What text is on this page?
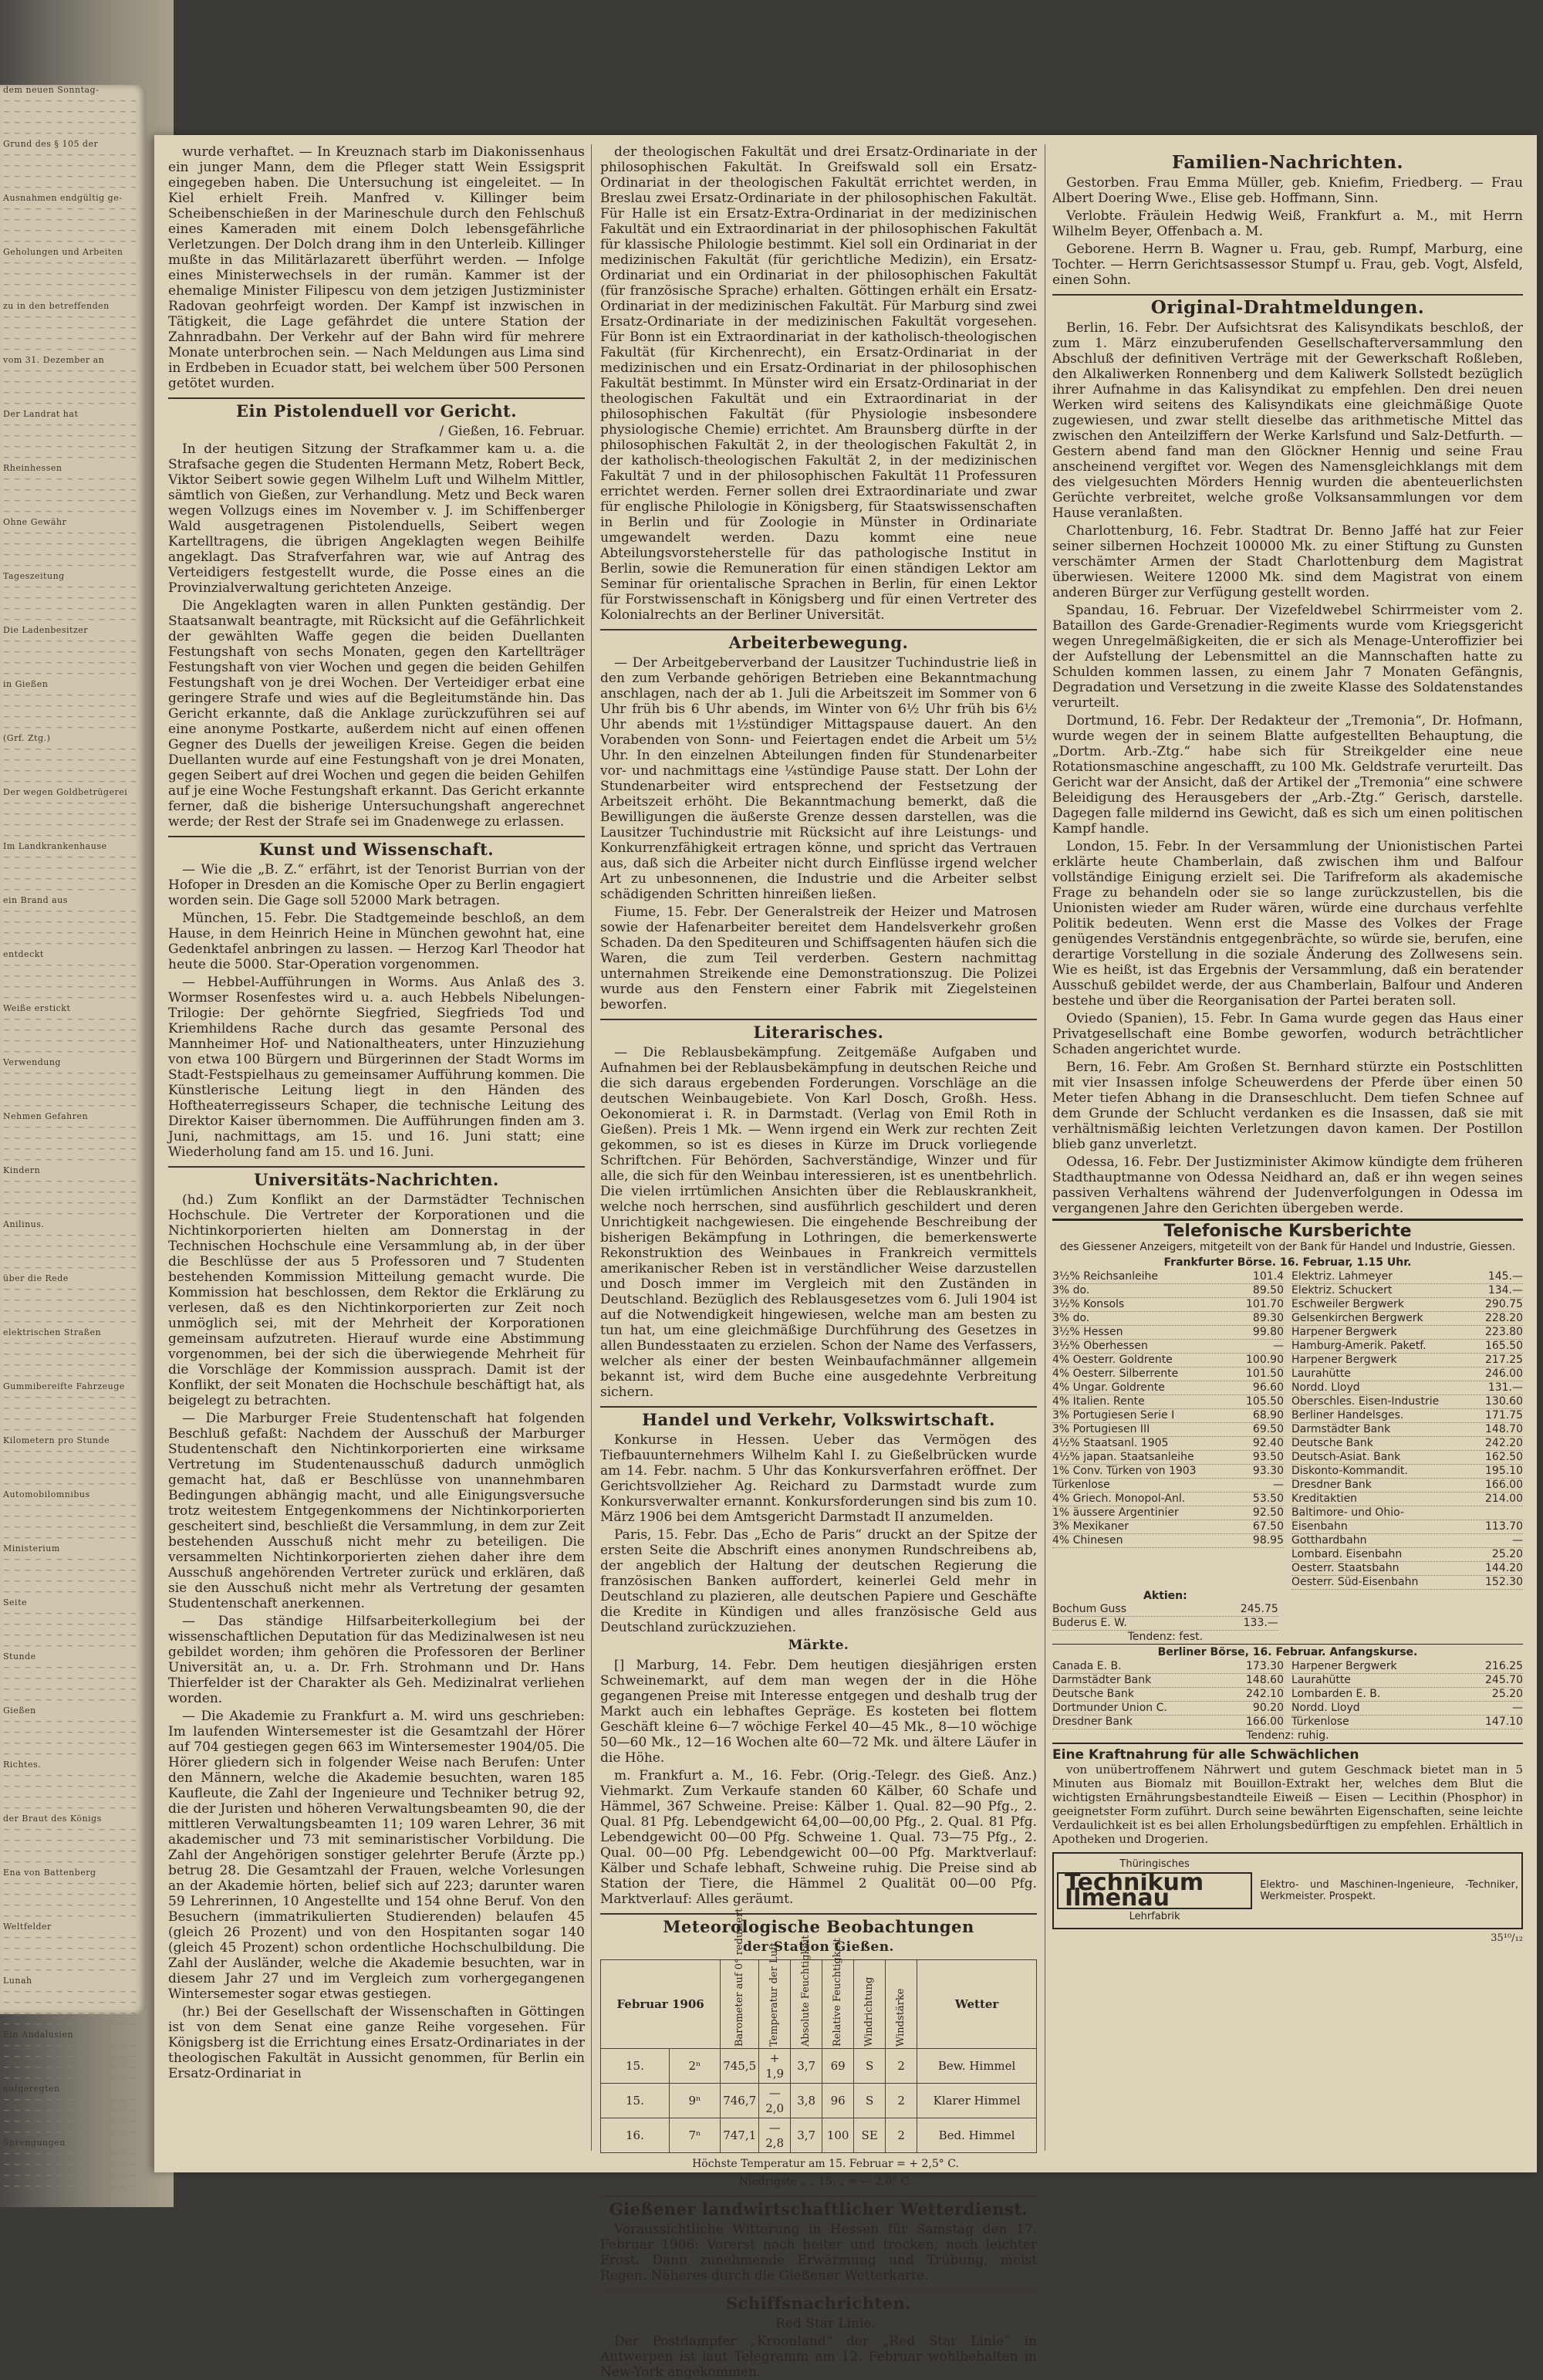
dem neuen Sonntag-
~ ~ ~ ~ ~ ~ ~ ~ ~ ~ ~ ~ ~
~ ~ ~ ~ ~ ~ ~ ~ ~ ~ ~ ~ ~
~ ~ ~ ~ ~ ~ ~ ~ ~ ~ ~ ~ ~
~ ~ ~ ~ ~ ~ ~ ~ ~ ~ ~ ~ ~
Grund des § 105 der
~ ~ ~ ~ ~ ~ ~ ~ ~ ~ ~ ~ ~
~ ~ ~ ~ ~ ~ ~ ~ ~ ~ ~ ~ ~
~ ~ ~ ~ ~ ~ ~ ~ ~ ~ ~ ~ ~
~ ~ ~ ~ ~ ~ ~ ~ ~ ~ ~ ~ ~
Ausnahmen endgültig ge-
~ ~ ~ ~ ~ ~ ~ ~ ~ ~ ~ ~ ~
~ ~ ~ ~ ~ ~ ~ ~ ~ ~ ~ ~ ~
~ ~ ~ ~ ~ ~ ~ ~ ~ ~ ~ ~ ~
~ ~ ~ ~ ~ ~ ~ ~ ~ ~ ~ ~ ~
Geholungen und Arbeiten
~ ~ ~ ~ ~ ~ ~ ~ ~ ~ ~ ~ ~
~ ~ ~ ~ ~ ~ ~ ~ ~ ~ ~ ~ ~
~ ~ ~ ~ ~ ~ ~ ~ ~ ~ ~ ~ ~
~ ~ ~ ~ ~ ~ ~ ~ ~ ~ ~ ~ ~
zu in den betreffenden
~ ~ ~ ~ ~ ~ ~ ~ ~ ~ ~ ~ ~
~ ~ ~ ~ ~ ~ ~ ~ ~ ~ ~ ~ ~
~ ~ ~ ~ ~ ~ ~ ~ ~ ~ ~ ~ ~
~ ~ ~ ~ ~ ~ ~ ~ ~ ~ ~ ~ ~
vom 31. Dezember an
~ ~ ~ ~ ~ ~ ~ ~ ~ ~ ~ ~ ~
~ ~ ~ ~ ~ ~ ~ ~ ~ ~ ~ ~ ~
~ ~ ~ ~ ~ ~ ~ ~ ~ ~ ~ ~ ~
~ ~ ~ ~ ~ ~ ~ ~ ~ ~ ~ ~ ~
Der Landrat hat
~ ~ ~ ~ ~ ~ ~ ~ ~ ~ ~ ~ ~
~ ~ ~ ~ ~ ~ ~ ~ ~ ~ ~ ~ ~
~ ~ ~ ~ ~ ~ ~ ~ ~ ~ ~ ~ ~
~ ~ ~ ~ ~ ~ ~ ~ ~ ~ ~ ~ ~
Rheinhessen
~ ~ ~ ~ ~ ~ ~ ~ ~ ~ ~ ~ ~
~ ~ ~ ~ ~ ~ ~ ~ ~ ~ ~ ~ ~
~ ~ ~ ~ ~ ~ ~ ~ ~ ~ ~ ~ ~
~ ~ ~ ~ ~ ~ ~ ~ ~ ~ ~ ~ ~
Ohne Gewähr
~ ~ ~ ~ ~ ~ ~ ~ ~ ~ ~ ~ ~
~ ~ ~ ~ ~ ~ ~ ~ ~ ~ ~ ~ ~
~ ~ ~ ~ ~ ~ ~ ~ ~ ~ ~ ~ ~
~ ~ ~ ~ ~ ~ ~ ~ ~ ~ ~ ~ ~
Tageszeitung
~ ~ ~ ~ ~ ~ ~ ~ ~ ~ ~ ~ ~
~ ~ ~ ~ ~ ~ ~ ~ ~ ~ ~ ~ ~
~ ~ ~ ~ ~ ~ ~ ~ ~ ~ ~ ~ ~
~ ~ ~ ~ ~ ~ ~ ~ ~ ~ ~ ~ ~
Die Ladenbesitzer
~ ~ ~ ~ ~ ~ ~ ~ ~ ~ ~ ~ ~
~ ~ ~ ~ ~ ~ ~ ~ ~ ~ ~ ~ ~
~ ~ ~ ~ ~ ~ ~ ~ ~ ~ ~ ~ ~
~ ~ ~ ~ ~ ~ ~ ~ ~ ~ ~ ~ ~
in Gießen
~ ~ ~ ~ ~ ~ ~ ~ ~ ~ ~ ~ ~
~ ~ ~ ~ ~ ~ ~ ~ ~ ~ ~ ~ ~
~ ~ ~ ~ ~ ~ ~ ~ ~ ~ ~ ~ ~
~ ~ ~ ~ ~ ~ ~ ~ ~ ~ ~ ~ ~
(Grf. Ztg.)
~ ~ ~ ~ ~ ~ ~ ~ ~ ~ ~ ~ ~
~ ~ ~ ~ ~ ~ ~ ~ ~ ~ ~ ~ ~
~ ~ ~ ~ ~ ~ ~ ~ ~ ~ ~ ~ ~
~ ~ ~ ~ ~ ~ ~ ~ ~ ~ ~ ~ ~
Der wegen Goldbetrügerei
~ ~ ~ ~ ~ ~ ~ ~ ~ ~ ~ ~ ~
~ ~ ~ ~ ~ ~ ~ ~ ~ ~ ~ ~ ~
~ ~ ~ ~ ~ ~ ~ ~ ~ ~ ~ ~ ~
~ ~ ~ ~ ~ ~ ~ ~ ~ ~ ~ ~ ~
Im Landkrankenhause
~ ~ ~ ~ ~ ~ ~ ~ ~ ~ ~ ~ ~
~ ~ ~ ~ ~ ~ ~ ~ ~ ~ ~ ~ ~
~ ~ ~ ~ ~ ~ ~ ~ ~ ~ ~ ~ ~
~ ~ ~ ~ ~ ~ ~ ~ ~ ~ ~ ~ ~
ein Brand aus
~ ~ ~ ~ ~ ~ ~ ~ ~ ~ ~ ~ ~
~ ~ ~ ~ ~ ~ ~ ~ ~ ~ ~ ~ ~
~ ~ ~ ~ ~ ~ ~ ~ ~ ~ ~ ~ ~
~ ~ ~ ~ ~ ~ ~ ~ ~ ~ ~ ~ ~
entdeckt
~ ~ ~ ~ ~ ~ ~ ~ ~ ~ ~ ~ ~
~ ~ ~ ~ ~ ~ ~ ~ ~ ~ ~ ~ ~
~ ~ ~ ~ ~ ~ ~ ~ ~ ~ ~ ~ ~
~ ~ ~ ~ ~ ~ ~ ~ ~ ~ ~ ~ ~
Weiße erstickt
~ ~ ~ ~ ~ ~ ~ ~ ~ ~ ~ ~ ~
~ ~ ~ ~ ~ ~ ~ ~ ~ ~ ~ ~ ~
~ ~ ~ ~ ~ ~ ~ ~ ~ ~ ~ ~ ~
~ ~ ~ ~ ~ ~ ~ ~ ~ ~ ~ ~ ~
Verwendung
~ ~ ~ ~ ~ ~ ~ ~ ~ ~ ~ ~ ~
~ ~ ~ ~ ~ ~ ~ ~ ~ ~ ~ ~ ~
~ ~ ~ ~ ~ ~ ~ ~ ~ ~ ~ ~ ~
~ ~ ~ ~ ~ ~ ~ ~ ~ ~ ~ ~ ~
Nehmen Gefahren
~ ~ ~ ~ ~ ~ ~ ~ ~ ~ ~ ~ ~
~ ~ ~ ~ ~ ~ ~ ~ ~ ~ ~ ~ ~
~ ~ ~ ~ ~ ~ ~ ~ ~ ~ ~ ~ ~
~ ~ ~ ~ ~ ~ ~ ~ ~ ~ ~ ~ ~
Kindern
~ ~ ~ ~ ~ ~ ~ ~ ~ ~ ~ ~ ~
~ ~ ~ ~ ~ ~ ~ ~ ~ ~ ~ ~ ~
~ ~ ~ ~ ~ ~ ~ ~ ~ ~ ~ ~ ~
~ ~ ~ ~ ~ ~ ~ ~ ~ ~ ~ ~ ~
Anilinus.
~ ~ ~ ~ ~ ~ ~ ~ ~ ~ ~ ~ ~
~ ~ ~ ~ ~ ~ ~ ~ ~ ~ ~ ~ ~
~ ~ ~ ~ ~ ~ ~ ~ ~ ~ ~ ~ ~
~ ~ ~ ~ ~ ~ ~ ~ ~ ~ ~ ~ ~
über die Rede
~ ~ ~ ~ ~ ~ ~ ~ ~ ~ ~ ~ ~
~ ~ ~ ~ ~ ~ ~ ~ ~ ~ ~ ~ ~
~ ~ ~ ~ ~ ~ ~ ~ ~ ~ ~ ~ ~
~ ~ ~ ~ ~ ~ ~ ~ ~ ~ ~ ~ ~
elektrischen Straßen
~ ~ ~ ~ ~ ~ ~ ~ ~ ~ ~ ~ ~
~ ~ ~ ~ ~ ~ ~ ~ ~ ~ ~ ~ ~
~ ~ ~ ~ ~ ~ ~ ~ ~ ~ ~ ~ ~
~ ~ ~ ~ ~ ~ ~ ~ ~ ~ ~ ~ ~
Gummibereifte Fahrzeuge
~ ~ ~ ~ ~ ~ ~ ~ ~ ~ ~ ~ ~
~ ~ ~ ~ ~ ~ ~ ~ ~ ~ ~ ~ ~
~ ~ ~ ~ ~ ~ ~ ~ ~ ~ ~ ~ ~
~ ~ ~ ~ ~ ~ ~ ~ ~ ~ ~ ~ ~
Kilometern pro Stunde
~ ~ ~ ~ ~ ~ ~ ~ ~ ~ ~ ~ ~
~ ~ ~ ~ ~ ~ ~ ~ ~ ~ ~ ~ ~
~ ~ ~ ~ ~ ~ ~ ~ ~ ~ ~ ~ ~
~ ~ ~ ~ ~ ~ ~ ~ ~ ~ ~ ~ ~
Automobilomnibus
~ ~ ~ ~ ~ ~ ~ ~ ~ ~ ~ ~ ~
~ ~ ~ ~ ~ ~ ~ ~ ~ ~ ~ ~ ~
~ ~ ~ ~ ~ ~ ~ ~ ~ ~ ~ ~ ~
~ ~ ~ ~ ~ ~ ~ ~ ~ ~ ~ ~ ~
Ministerium
~ ~ ~ ~ ~ ~ ~ ~ ~ ~ ~ ~ ~
~ ~ ~ ~ ~ ~ ~ ~ ~ ~ ~ ~ ~
~ ~ ~ ~ ~ ~ ~ ~ ~ ~ ~ ~ ~
~ ~ ~ ~ ~ ~ ~ ~ ~ ~ ~ ~ ~
Seite
~ ~ ~ ~ ~ ~ ~ ~ ~ ~ ~ ~ ~
~ ~ ~ ~ ~ ~ ~ ~ ~ ~ ~ ~ ~
~ ~ ~ ~ ~ ~ ~ ~ ~ ~ ~ ~ ~
~ ~ ~ ~ ~ ~ ~ ~ ~ ~ ~ ~ ~
Stunde
~ ~ ~ ~ ~ ~ ~ ~ ~ ~ ~ ~ ~
~ ~ ~ ~ ~ ~ ~ ~ ~ ~ ~ ~ ~
~ ~ ~ ~ ~ ~ ~ ~ ~ ~ ~ ~ ~
~ ~ ~ ~ ~ ~ ~ ~ ~ ~ ~ ~ ~
Gießen
~ ~ ~ ~ ~ ~ ~ ~ ~ ~ ~ ~ ~
~ ~ ~ ~ ~ ~ ~ ~ ~ ~ ~ ~ ~
~ ~ ~ ~ ~ ~ ~ ~ ~ ~ ~ ~ ~
~ ~ ~ ~ ~ ~ ~ ~ ~ ~ ~ ~ ~
Richtes.
~ ~ ~ ~ ~ ~ ~ ~ ~ ~ ~ ~ ~
~ ~ ~ ~ ~ ~ ~ ~ ~ ~ ~ ~ ~
~ ~ ~ ~ ~ ~ ~ ~ ~ ~ ~ ~ ~
~ ~ ~ ~ ~ ~ ~ ~ ~ ~ ~ ~ ~
der Braut des Königs
~ ~ ~ ~ ~ ~ ~ ~ ~ ~ ~ ~ ~
~ ~ ~ ~ ~ ~ ~ ~ ~ ~ ~ ~ ~
~ ~ ~ ~ ~ ~ ~ ~ ~ ~ ~ ~ ~
~ ~ ~ ~ ~ ~ ~ ~ ~ ~ ~ ~ ~
Ena von Battenberg
~ ~ ~ ~ ~ ~ ~ ~ ~ ~ ~ ~ ~
~ ~ ~ ~ ~ ~ ~ ~ ~ ~ ~ ~ ~
~ ~ ~ ~ ~ ~ ~ ~ ~ ~ ~ ~ ~
~ ~ ~ ~ ~ ~ ~ ~ ~ ~ ~ ~ ~
Weltfelder
~ ~ ~ ~ ~ ~ ~ ~ ~ ~ ~ ~ ~
~ ~ ~ ~ ~ ~ ~ ~ ~ ~ ~ ~ ~
~ ~ ~ ~ ~ ~ ~ ~ ~ ~ ~ ~ ~
~ ~ ~ ~ ~ ~ ~ ~ ~ ~ ~ ~ ~
Lunah
~ ~ ~ ~ ~ ~ ~ ~ ~ ~ ~ ~ ~
~ ~ ~ ~ ~ ~ ~ ~ ~ ~ ~ ~ ~
~ ~ ~ ~ ~ ~ ~ ~ ~ ~ ~ ~ ~
~ ~ ~ ~ ~ ~ ~ ~ ~ ~ ~ ~ ~
Ein Andalusien
~ ~ ~ ~ ~ ~ ~ ~ ~ ~ ~ ~ ~
~ ~ ~ ~ ~ ~ ~ ~ ~ ~ ~ ~ ~
~ ~ ~ ~ ~ ~ ~ ~ ~ ~ ~ ~ ~
~ ~ ~ ~ ~ ~ ~ ~ ~ ~ ~ ~ ~
aufgeregten
~ ~ ~ ~ ~ ~ ~ ~ ~ ~ ~ ~ ~
~ ~ ~ ~ ~ ~ ~ ~ ~ ~ ~ ~ ~
~ ~ ~ ~ ~ ~ ~ ~ ~ ~ ~ ~ ~
~ ~ ~ ~ ~ ~ ~ ~ ~ ~ ~ ~ ~
Sprengungen
~ ~ ~ ~ ~ ~ ~ ~ ~ ~ ~ ~ ~
~ ~ ~ ~ ~ ~ ~ ~ ~ ~ ~ ~ ~
~ ~ ~ ~ ~ ~ ~ ~ ~ ~ ~ ~ ~
~ ~ ~ ~ ~ ~ ~ ~ ~ ~ ~ ~ ~

wurde verhaftet. — In Kreuznach starb im Diakonissenhaus ein junger Mann, dem die Pfleger statt Wein Essigsprit eingegeben haben. Die Untersuchung ist eingeleitet. — In Kiel erhielt Freih. Manfred v. Killinger beim Scheibenschießen in der Marineschule durch den Fehlschuß eines Kameraden mit einem Dolch lebensgefährliche Verletzungen. Der Dolch drang ihm in den Unterleib. Killinger mußte in das Militärlazarett überführt werden. — Infolge eines Ministerwechsels in der rumän. Kammer ist der ehemalige Minister Filipescu von dem jetzigen Justizminister Radovan geohrfeigt worden. Der Kampf ist inzwischen in Tätigkeit, die Lage gefährdet die untere Station der Zahnradbahn. Der Verkehr auf der Bahn wird für mehrere Monate unterbrochen sein. — Nach Meldungen aus Lima sind in Erdbeben in Ecuador statt, bei welchem über 500 Personen getötet wurden.

Ein Pistolenduell vor Gericht.

/ Gießen, 16. Februar.

In der heutigen Sitzung der Strafkammer kam u. a. die Strafsache gegen die Studenten Hermann Metz, Robert Beck, Viktor Seibert sowie gegen Wilhelm Luft und Wilhelm Mittler, sämtlich von Gießen, zur Verhandlung. Metz und Beck waren wegen Vollzugs eines im November v. J. im Schiffenberger Wald ausgetragenen Pistolenduells, Seibert wegen Kartelltragens, die übrigen Angeklagten wegen Beihilfe angeklagt. Das Strafverfahren war, wie auf Antrag des Verteidigers festgestellt wurde, die Posse eines an die Provinzialverwaltung gerichteten Anzeige.

Die Angeklagten waren in allen Punkten geständig. Der Staatsanwalt beantragte, mit Rücksicht auf die Gefährlichkeit der gewählten Waffe gegen die beiden Duellanten Festungshaft von sechs Monaten, gegen den Kartellträger Festungshaft von vier Wochen und gegen die beiden Gehilfen Festungshaft von je drei Wochen. Der Verteidiger erbat eine geringere Strafe und wies auf die Begleitumstände hin. Das Gericht erkannte, daß die Anklage zurückzuführen sei auf eine anonyme Postkarte, außerdem nicht auf einen offenen Gegner des Duells der jeweiligen Kreise. Gegen die beiden Duellanten wurde auf eine Festungshaft von je drei Monaten, gegen Seibert auf drei Wochen und gegen die beiden Gehilfen auf je eine Woche Festungshaft erkannt. Das Gericht erkannte ferner, daß die bisherige Untersuchungshaft angerechnet werde; der Rest der Strafe sei im Gnadenwege zu erlassen.

Kunst und Wissenschaft.

— Wie die „B. Z.“ erfährt, ist der Tenorist Burrian von der Hofoper in Dresden an die Komische Oper zu Berlin engagiert worden sein. Die Gage soll 52000 Mark betragen.

München, 15. Febr. Die Stadtgemeinde beschloß, an dem Hause, in dem Heinrich Heine in München gewohnt hat, eine Gedenktafel anbringen zu lassen. — Herzog Karl Theodor hat heute die 5000. Star-Operation vorgenommen.

— Hebbel-Aufführungen in Worms. Aus Anlaß des 3. Wormser Rosenfestes wird u. a. auch Hebbels Nibelungen-Trilogie: Der gehörnte Siegfried, Siegfrieds Tod und Kriemhildens Rache durch das gesamte Personal des Mannheimer Hof- und Nationaltheaters, unter Hinzuziehung von etwa 100 Bürgern und Bürgerinnen der Stadt Worms im Stadt-Festspielhaus zu gemeinsamer Aufführung kommen. Die Künstlerische Leitung liegt in den Händen des Hoftheaterregisseurs Schaper, die technische Leitung des Direktor Kaiser übernommen. Die Aufführungen finden am 3. Juni, nachmittags, am 15. und 16. Juni statt; eine Wiederholung fand am 15. und 16. Juni.

Universitäts-Nachrichten.

(hd.) Zum Konflikt an der Darmstädter Technischen Hochschule. Die Vertreter der Korporationen und die Nichtinkorporierten hielten am Donnerstag in der Technischen Hochschule eine Versammlung ab, in der über die Beschlüsse der aus 5 Professoren und 7 Studenten bestehenden Kommission Mitteilung gemacht wurde. Die Kommission hat beschlossen, dem Rektor die Erklärung zu verlesen, daß es den Nichtinkorporierten zur Zeit noch unmöglich sei, mit der Mehrheit der Korporationen gemeinsam aufzutreten. Hierauf wurde eine Abstimmung vorgenommen, bei der sich die überwiegende Mehrheit für die Vorschläge der Kommission aussprach. Damit ist der Konflikt, der seit Monaten die Hochschule beschäftigt hat, als beigelegt zu betrachten.

— Die Marburger Freie Studentenschaft hat folgenden Beschluß gefaßt: Nachdem der Ausschuß der Marburger Studentenschaft den Nichtinkorporierten eine wirksame Vertretung im Studentenausschuß dadurch unmöglich gemacht hat, daß er Beschlüsse von unannehmbaren Bedingungen abhängig macht, und alle Einigungsversuche trotz weitestem Entgegenkommens der Nichtinkorporierten gescheitert sind, beschließt die Versammlung, in dem zur Zeit bestehenden Ausschuß nicht mehr zu beteiligen. Die versammelten Nichtinkorporierten ziehen daher ihre dem Ausschuß angehörenden Vertreter zurück und erklären, daß sie den Ausschuß nicht mehr als Vertretung der gesamten Studentenschaft anerkennen.

— Das ständige Hilfsarbeiterkollegium bei der wissenschaftlichen Deputation für das Medizinalwesen ist neu gebildet worden; ihm gehören die Professoren der Berliner Universität an, u. a. Dr. Frh. Strohmann und Dr. Hans Thierfelder ist der Charakter als Geh. Medizinalrat verliehen worden.

— Die Akademie zu Frankfurt a. M. wird uns geschrieben: Im laufenden Wintersemester ist die Gesamtzahl der Hörer auf 704 gestiegen gegen 663 im Wintersemester 1904/05. Die Hörer gliedern sich in folgender Weise nach Berufen: Unter den Männern, welche die Akademie besuchten, waren 185 Kaufleute, die Zahl der Ingenieure und Techniker betrug 92, die der Juristen und höheren Verwaltungsbeamten 90, die der mittleren Verwaltungsbeamten 11; 109 waren Lehrer, 36 mit akademischer und 73 mit seminaristischer Vorbildung. Die Zahl der Angehörigen sonstiger gelehrter Berufe (Ärzte pp.) betrug 28. Die Gesamtzahl der Frauen, welche Vorlesungen an der Akademie hörten, belief sich auf 223; darunter waren 59 Lehrerinnen, 10 Angestellte und 154 ohne Beruf. Von den Besuchern (immatrikulierten Studierenden) belaufen 45 (gleich 26 Prozent) und von den Hospitanten sogar 140 (gleich 45 Prozent) schon ordentliche Hochschulbildung. Die Zahl der Ausländer, welche die Akademie besuchten, war in diesem Jahr 27 und im Vergleich zum vorhergegangenen Wintersemester sogar etwas gestiegen.

(hr.) Bei der Gesellschaft der Wissenschaften in Göttingen ist von dem Senat eine ganze Reihe vorgesehen. Für Königsberg ist die Errichtung eines Ersatz-Ordinariates in der theologischen Fakultät in Aussicht genommen, für Berlin ein Ersatz-Ordinariat in

der theologischen Fakultät und drei Ersatz-Ordinariate in der philosophischen Fakultät. In Greifswald soll ein Ersatz-Ordinariat in der theologischen Fakultät errichtet werden, in Breslau zwei Ersatz-Ordinariate in der philosophischen Fakultät. Für Halle ist ein Ersatz-Extra-Ordinariat in der medizinischen Fakultät und ein Extraordinariat in der philosophischen Fakultät für klassische Philologie bestimmt. Kiel soll ein Ordinariat in der medizinischen Fakultät (für gerichtliche Medizin), ein Ersatz-Ordinariat und ein Ordinariat in der philosophischen Fakultät (für französische Sprache) erhalten. Göttingen erhält ein Ersatz-Ordinariat in der medizinischen Fakultät. Für Marburg sind zwei Ersatz-Ordinariate in der medizinischen Fakultät vorgesehen. Für Bonn ist ein Extraordinariat in der katholisch-theologischen Fakultät (für Kirchenrecht), ein Ersatz-Ordinariat in der medizinischen und ein Ersatz-Ordinariat in der philosophischen Fakultät bestimmt. In Münster wird ein Ersatz-Ordinariat in der theologischen Fakultät und ein Extraordinariat in der philosophischen Fakultät (für Physiologie insbesondere physiologische Chemie) errichtet. Am Braunsberg dürfte in der philosophischen Fakultät 2, in der theologischen Fakultät 2, in der katholisch-theologischen Fakultät 2, in der medizinischen Fakultät 7 und in der philosophischen Fakultät 11 Professuren errichtet werden. Ferner sollen drei Extraordinariate und zwar für englische Philologie in Königsberg, für Staatswissenschaften in Berlin und für Zoologie in Münster in Ordinariate umgewandelt werden. Dazu kommt eine neue Abteilungsvorsteherstelle für das pathologische Institut in Berlin, sowie die Remuneration für einen ständigen Lektor am Seminar für orientalische Sprachen in Berlin, für einen Lektor für Forstwissenschaft in Königsberg und für einen Vertreter des Kolonialrechts an der Berliner Universität.

Arbeiterbewegung.

— Der Arbeitgeberverband der Lausitzer Tuchindustrie ließ in den zum Verbande gehörigen Betrieben eine Bekanntmachung anschlagen, nach der ab 1. Juli die Arbeitszeit im Sommer von 6 Uhr früh bis 6 Uhr abends, im Winter von 6½ Uhr früh bis 6½ Uhr abends mit 1½stündiger Mittagspause dauert. An den Vorabenden von Sonn- und Feiertagen endet die Arbeit um 5½ Uhr. In den einzelnen Abteilungen finden für Stundenarbeiter vor- und nachmittags eine ¼stündige Pause statt. Der Lohn der Stundenarbeiter wird entsprechend der Festsetzung der Arbeitszeit erhöht. Die Bekanntmachung bemerkt, daß die Bewilligungen die äußerste Grenze dessen darstellen, was die Lausitzer Tuchindustrie mit Rücksicht auf ihre Leistungs- und Konkurrenzfähigkeit ertragen könne, und spricht das Vertrauen aus, daß sich die Arbeiter nicht durch Einflüsse irgend welcher Art zu unbesonnenen, die Industrie und die Arbeiter selbst schädigenden Schritten hinreißen ließen.

Fiume, 15. Febr. Der Generalstreik der Heizer und Matrosen sowie der Hafenarbeiter bereitet dem Handelsverkehr großen Schaden. Da den Spediteuren und Schiffsagenten häufen sich die Waren, die zum Teil verderben. Gestern nachmittag unternahmen Streikende eine Demonstrationszug. Die Polizei wurde aus den Fenstern einer Fabrik mit Ziegelsteinen beworfen.

Literarisches.

— Die Reblausbekämpfung. Zeitgemäße Aufgaben und Aufnahmen bei der Reblausbekämpfung in deutschen Reiche und die sich daraus ergebenden Forderungen. Vorschläge an die deutschen Weinbaugebiete. Von Karl Dosch, Großh. Hess. Oekonomierat i. R. in Darmstadt. (Verlag von Emil Roth in Gießen). Preis 1 Mk. — Wenn irgend ein Werk zur rechten Zeit gekommen, so ist es dieses in Kürze im Druck vorliegende Schriftchen. Für Behörden, Sachverständige, Winzer und für alle, die sich für den Weinbau interessieren, ist es unentbehrlich. Die vielen irrtümlichen Ansichten über die Reblauskrankheit, welche noch herrschen, sind ausführlich geschildert und deren Unrichtigkeit nachgewiesen. Die eingehende Beschreibung der bisherigen Bekämpfung in Lothringen, die bemerkenswerte Rekonstruktion des Weinbaues in Frankreich vermittels amerikanischer Reben ist in verständlicher Weise darzustellen und Dosch immer im Vergleich mit den Zuständen in Deutschland. Bezüglich des Reblausgesetzes vom 6. Juli 1904 ist auf die Notwendigkeit hingewiesen, welche man am besten zu tun hat, um eine gleichmäßige Durchführung des Gesetzes in allen Bundesstaaten zu erzielen. Schon der Name des Verfassers, welcher als einer der besten Weinbaufachmänner allgemein bekannt ist, wird dem Buche eine ausgedehnte Verbreitung sichern.

Handel und Verkehr, Volkswirtschaft.

Konkurse in Hessen. Ueber das Vermögen des Tiefbauunternehmers Wilhelm Kahl I. zu Gießelbrücken wurde am 14. Febr. nachm. 5 Uhr das Konkursverfahren eröffnet. Der Gerichtsvollzieher Ag. Reichard zu Darmstadt wurde zum Konkursverwalter ernannt. Konkursforderungen sind bis zum 10. März 1906 bei dem Amtsgericht Darmstadt II anzumelden.

Paris, 15. Febr. Das „Echo de Paris“ druckt an der Spitze der ersten Seite die Abschrift eines anonymen Rundschreibens ab, der angeblich der Haltung der deutschen Regierung die französischen Banken auffordert, keinerlei Geld mehr in Deutschland zu plazieren, alle deutschen Papiere und Geschäfte die Kredite in Kündigen und alles französische Geld aus Deutschland zurückzuziehen.

Märkte.

[] Marburg, 14. Febr. Dem heutigen diesjährigen ersten Schweinemarkt, auf dem man wegen der in die Höhe gegangenen Preise mit Interesse entgegen und deshalb trug der Markt auch ein lebhaftes Gepräge. Es kosteten bei flottem Geschäft kleine 6—7 wöchige Ferkel 40—45 Mk., 8—10 wöchige 50—60 Mk., 12—16 Wochen alte 60—72 Mk. und ältere Läufer in die Höhe.

m. Frankfurt a. M., 16. Febr. (Orig.-Telegr. des Gieß. Anz.) Viehmarkt. Zum Verkaufe standen 60 Kälber, 60 Schafe und Hämmel, 367 Schweine. Preise: Kälber 1. Qual. 82—90 Pfg., 2. Qual. 81 Pfg. Lebendgewicht 64,00—00,00 Pfg., 2. Qual. 81 Pfg. Lebendgewicht 00—00 Pfg. Schweine 1. Qual. 73—75 Pfg., 2. Qual. 00—00 Pfg. Lebendgewicht 00—00 Pfg. Marktverlauf: Kälber und Schafe lebhaft, Schweine ruhig. Die Preise sind ab Station der Tiere, die Hämmel 2 Qualität 00—00 Pfg. Marktverlauf: Alles geräumt.

Meteorologische Beobachtungen
der Station Gießen.
Februar 1906		Barometer auf 0° reduziert	Temperatur der Luft	Absolute Feuchtigkeit	Relative Feuchtigkeit	Windrichtung	Windstärke	Wetter
15.	2ⁿ	745,5	+ 1,9	3,7	69	S	2	Bew. Himmel
15.	9ⁿ	746,7	— 2,0	3,8	96	S	2	Klarer Himmel
16.	7ⁿ	747,1	— 2,8	3,7	100	SE	2	Bed. Himmel

Höchste Temperatur am 15. Februar = + 2,5° C.

Niedrigste „ „ 15. „ = — 2,0° C.

Gießener landwirtschaftlicher Wetterdienst.

Voraussichtliche Witterung in Hessen für Samstag den 17. Februar 1906: Vorerst noch heiter und trocken, noch leichter Frost. Dann zunehmende Erwärmung und Trübung, meist Regen. Näheres durch die Gießener Wetterkarte.

Schiffsnachrichten.

Red Star Linie.

Der Postdampfer „Kroonland“ der „Red Star Linie“ in Antwerpen ist laut Telegramm am 12. Februar wohlbehalten in New-York angekommen.

Familien-Nachrichten.

Gestorben. Frau Emma Müller, geb. Kniefim, Friedberg. — Frau Albert Doering Wwe., Elise geb. Hoffmann, Sinn.

Verlobte. Fräulein Hedwig Weiß, Frankfurt a. M., mit Herrn Wilhelm Beyer, Offenbach a. M.

Geborene. Herrn B. Wagner u. Frau, geb. Rumpf, Marburg, eine Tochter. — Herrn Gerichtsassessor Stumpf u. Frau, geb. Vogt, Alsfeld, einen Sohn.

Original-Drahtmeldungen.

Berlin, 16. Febr. Der Aufsichtsrat des Kalisyndikats beschloß, der zum 1. März einzuberufenden Gesellschafterversammlung den Abschluß der definitiven Verträge mit der Gewerkschaft Roßleben, den Alkaliwerken Ronnenberg und dem Kaliwerk Sollstedt bezüglich ihrer Aufnahme in das Kalisyndikat zu empfehlen. Den drei neuen Werken wird seitens des Kalisyndikats eine gleichmäßige Quote zugewiesen, und zwar stellt dieselbe das arithmetische Mittel das zwischen den Anteilziffern der Werke Karlsfund und Salz-Detfurth. — Gestern abend fand man den Glöckner Hennig und seine Frau anscheinend vergiftet vor. Wegen des Namensgleichklangs mit dem des vielgesuchten Mörders Hennig wurden die abenteuerlichsten Gerüchte verbreitet, welche große Volksansammlungen vor dem Hause veranlaßten.

Charlottenburg, 16. Febr. Stadtrat Dr. Benno Jaffé hat zur Feier seiner silbernen Hochzeit 100000 Mk. zu einer Stiftung zu Gunsten verschämter Armen der Stadt Charlottenburg dem Magistrat überwiesen. Weitere 12000 Mk. sind dem Magistrat von einem anderen Bürger zur Verfügung gestellt worden.

Spandau, 16. Februar. Der Vizefeldwebel Schirrmeister vom 2. Bataillon des Garde-Grenadier-Regiments wurde vom Kriegsgericht wegen Unregelmäßigkeiten, die er sich als Menage-Unteroffizier bei der Aufstellung der Lebensmittel an die Mannschaften hatte zu Schulden kommen lassen, zu einem Jahr 7 Monaten Gefängnis, Degradation und Versetzung in die zweite Klasse des Soldatenstandes verurteilt.

Dortmund, 16. Febr. Der Redakteur der „Tremonia“, Dr. Hofmann, wurde wegen der in seinem Blatte aufgestellten Behauptung, die „Dortm. Arb.-Ztg.“ habe sich für Streikgelder eine neue Rotationsmaschine angeschafft, zu 100 Mk. Geldstrafe verurteilt. Das Gericht war der Ansicht, daß der Artikel der „Tremonia“ eine schwere Beleidigung des Herausgebers der „Arb.-Ztg.“ Gerisch, darstelle. Dagegen falle mildernd ins Gewicht, daß es sich um einen politischen Kampf handle.

London, 15. Febr. In der Versammlung der Unionistischen Partei erklärte heute Chamberlain, daß zwischen ihm und Balfour vollständige Einigung erzielt sei. Die Tarifreform als akademische Frage zu behandeln oder sie so lange zurückzustellen, bis die Unionisten wieder am Ruder wären, würde eine durchaus verfehlte Politik bedeuten. Wenn erst die Masse des Volkes der Frage genügendes Verständnis entgegenbrächte, so würde sie, berufen, eine derartige Vorstellung in die soziale Änderung des Zollwesens sein. Wie es heißt, ist das Ergebnis der Versammlung, daß ein beratender Ausschuß gebildet werde, der aus Chamberlain, Balfour und Anderen bestehe und über die Reorganisation der Partei beraten soll.

Oviedo (Spanien), 15. Febr. In Gama wurde gegen das Haus einer Privatgesellschaft eine Bombe geworfen, wodurch beträchtlicher Schaden angerichtet wurde.

Bern, 16. Febr. Am Großen St. Bernhard stürzte ein Postschlitten mit vier Insassen infolge Scheuwerdens der Pferde über einen 50 Meter tiefen Abhang in die Dranseschlucht. Dem tiefen Schnee auf dem Grunde der Schlucht verdanken es die Insassen, daß sie mit verhältnismäßig leichten Verletzungen davon kamen. Der Postillon blieb ganz unverletzt.

Odessa, 16. Febr. Der Justizminister Akimow kündigte dem früheren Stadthauptmanne von Odessa Neidhard an, daß er ihn wegen seines passiven Verhaltens während der Judenverfolgungen in Odessa im vergangenen Jahre den Gerichten übergeben werde.

Telefonische Kursberichte
des Giessener Anzeigers, mitgeteilt von der Bank für Handel und Industrie, Giessen.
Frankfurter Börse. 16. Februar, 1.15 Uhr.
3½% Reichsanleihe	101.4
3% do.	89.50
3½% Konsols	101.70
3% do.	89.30
3½% Hessen	99.80
3½% Oberhessen	—
4% Oesterr. Goldrente	100.90
4% Oesterr. Silberrente	101.50
4% Ungar. Goldrente	96.60
4% Italien. Rente	105.50
3% Portugiesen Serie I	68.90
3% Portugiesen III	69.50
4½% Staatsanl. 1905	92.40
4½% japan. Staatsanleihe	93.50
1% Conv. Türken von 1903	93.30
Türkenlose	—
4% Griech. Monopol-Anl.	53.50
1% äussere Argentinier	92.50
3% Mexikaner	67.50
4% Chinesen	98.95
Elektriz. Lahmeyer	145.—
Elektriz. Schuckert	134.—
Eschweiler Bergwerk	290.75
Gelsenkirchen Bergwerk	228.20
Harpener Bergwerk	223.80
Hamburg-Amerik. Paketf.	165.50
Harpener Bergwerk	217.25
Laurahütte	246.00
Nordd. Lloyd	131.—
Oberschles. Eisen-Industrie	130.60
Berliner Handelsges.	171.75
Darmstädter Bank	148.70
Deutsche Bank	242.20
Deutsch-Asiat. Bank	162.50
Diskonto-Kommandit.	195.10
Dresdner Bank	166.00
Kreditaktien	214.00
Baltimore- und Ohio-
Eisenbahn	113.70
Gotthardbahn	—
Lombard. Eisenbahn	25.20
Oesterr. Staatsbahn	144.20
Oesterr. Süd-Eisenbahn	152.30
Aktien:
Bochum Guss	245.75
Buderus E. W.	133.—
Tendenz: fest.
Berliner Börse, 16. Februar. Anfangskurse.
Canada E. B.	173.30
Darmstädter Bank	148.60
Deutsche Bank	242.10
Dortmunder Union C.	90.20
Dresdner Bank	166.00
Harpener Bergwerk	216.25
Laurahütte	245.70
Lombarden E. B.	25.20
Nordd. Lloyd	—
Türkenlose	147.10
Tendenz: ruhig.
Eine Kraftnahrung für alle Schwächlichen

von unübertroffenem Nährwert und gutem Geschmack bietet man in 5 Minuten aus Biomalz mit Bouillon-Extrakt her, welches dem Blut die wichtigsten Ernährungsbestandteile Eiweiß — Eisen — Lecithin (Phosphor) in geeignetster Form zuführt. Durch seine bewährten Eigenschaften, seine leichte Verdaulichkeit ist es bei allen Erholungsbedürftigen zu empfehlen. Erhältlich in Apotheken und Drogerien.

Thüringisches
Technikum Ilmenau
Lehrfabrik
Elektro- und Maschinen-Ingenieure, -Techniker, Werkmeister. Prospekt.
35¹⁰/₁₂
